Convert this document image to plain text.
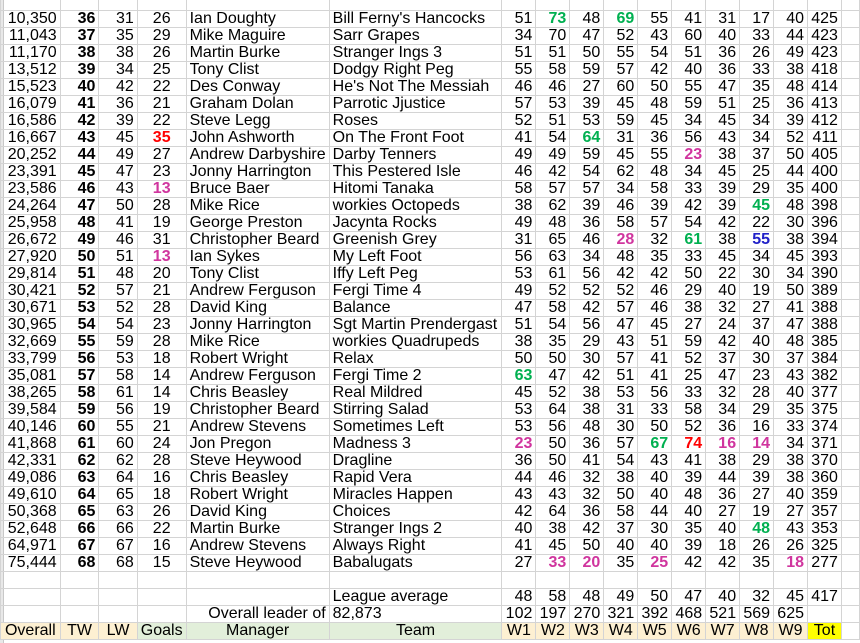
10,350	36	31	26	Ian Doughty	Bill Ferny's Hancocks	51	73	48	69	55	41	31	17	40	425	
11,043	37	35	29	Mike Maguire	Sarr Grapes	34	70	47	52	43	60	40	33	44	423	
11,170	38	38	26	Martin Burke	Stranger Ings 3	51	51	50	55	54	51	36	26	49	423	
13,512	39	34	25	Tony Clist	Dodgy Right Peg	55	58	59	57	42	40	36	33	38	418	
15,523	40	42	22	Des Conway	He's Not The Messiah	46	46	27	60	50	55	47	35	48	414	
16,079	41	36	21	Graham Dolan	Parrotic Jjustice	57	53	39	45	48	59	51	25	36	413	
16,586	42	39	22	Steve Legg	Roses	52	51	53	59	45	34	45	34	39	412	
16,667	43	45	35	John Ashworth	On The Front Foot	41	54	64	31	36	56	43	34	52	411	
20,252	44	49	27	Andrew Darbyshire	Darby Tenners	49	49	59	45	55	23	38	37	50	405	
23,391	45	47	23	Jonny Harrington	This Pestered Isle	46	42	54	62	48	34	45	25	44	400	
23,586	46	43	13	Bruce Baer	Hitomi Tanaka	58	57	57	34	58	33	39	29	35	400	
24,264	47	50	28	Mike Rice	workies Octopeds	38	62	39	46	39	42	39	45	48	398	
25,958	48	41	19	George Preston	Jacynta Rocks	49	48	36	58	57	54	42	22	30	396	
26,672	49	46	31	Christopher Beard	Greenish Grey	31	65	46	28	32	61	38	55	38	394	
27,920	50	51	13	Ian Sykes	My Left Foot	56	63	34	48	35	33	45	34	45	393	
29,814	51	48	20	Tony Clist	Iffy Left Peg	53	61	56	42	42	50	22	30	34	390	
30,421	52	57	21	Andrew Ferguson	Fergi Time 4	49	52	52	52	46	29	40	19	50	389	
30,671	53	52	28	David King	Balance	47	58	42	57	46	38	32	27	41	388	
30,965	54	54	23	Jonny Harrington	Sgt Martin Prendergast	51	54	56	47	45	27	24	37	47	388	
32,669	55	59	28	Mike Rice	workies Quadrupeds	38	35	29	43	51	59	42	40	48	385	
33,799	56	53	18	Robert Wright	Relax	50	50	30	57	41	52	37	30	37	384	
35,081	57	58	14	Andrew Ferguson	Fergi Time 2	63	47	42	51	41	25	47	23	43	382	
38,265	58	61	14	Chris Beasley	Real Mildred	45	52	38	53	56	33	32	28	40	377	
39,584	59	56	19	Christopher Beard	Stirring Salad	53	64	38	31	33	58	34	29	35	375	
40,146	60	55	21	Andrew Stevens	Sometimes Left	53	56	48	30	50	52	36	16	33	374	
41,868	61	60	24	Jon Pregon	Madness 3	23	50	36	57	67	74	16	14	34	371	
42,331	62	62	28	Steve Heywood	Dragline	36	50	41	54	43	41	38	29	38	370	
49,086	63	64	16	Chris Beasley	Rapid Vera	44	46	32	38	40	39	44	39	38	360	
49,610	64	65	18	Robert Wright	Miracles Happen	43	43	32	50	40	48	36	27	40	359	
50,368	65	63	26	David King	Choices	42	64	36	58	44	40	27	19	27	357	
52,648	66	66	22	Martin Burke	Stranger Ings 2	40	38	42	37	30	35	40	48	43	353	
64,971	67	67	16	Andrew Stevens	Always Right	41	45	50	40	40	39	18	26	26	325	
75,444	68	68	15	Steve Heywood	Babalugats	27	33	20	35	25	42	42	35	18	277	

					League average	48	58	48	49	50	47	40	32	45	417	
				Overall leader of	82,873	102	197	270	321	392	468	521	569	625		
Overall	TW	LW	Goals	Manager	Team	W1	W2	W3	W4	W5	W6	W7	W8	W9	Tot	
